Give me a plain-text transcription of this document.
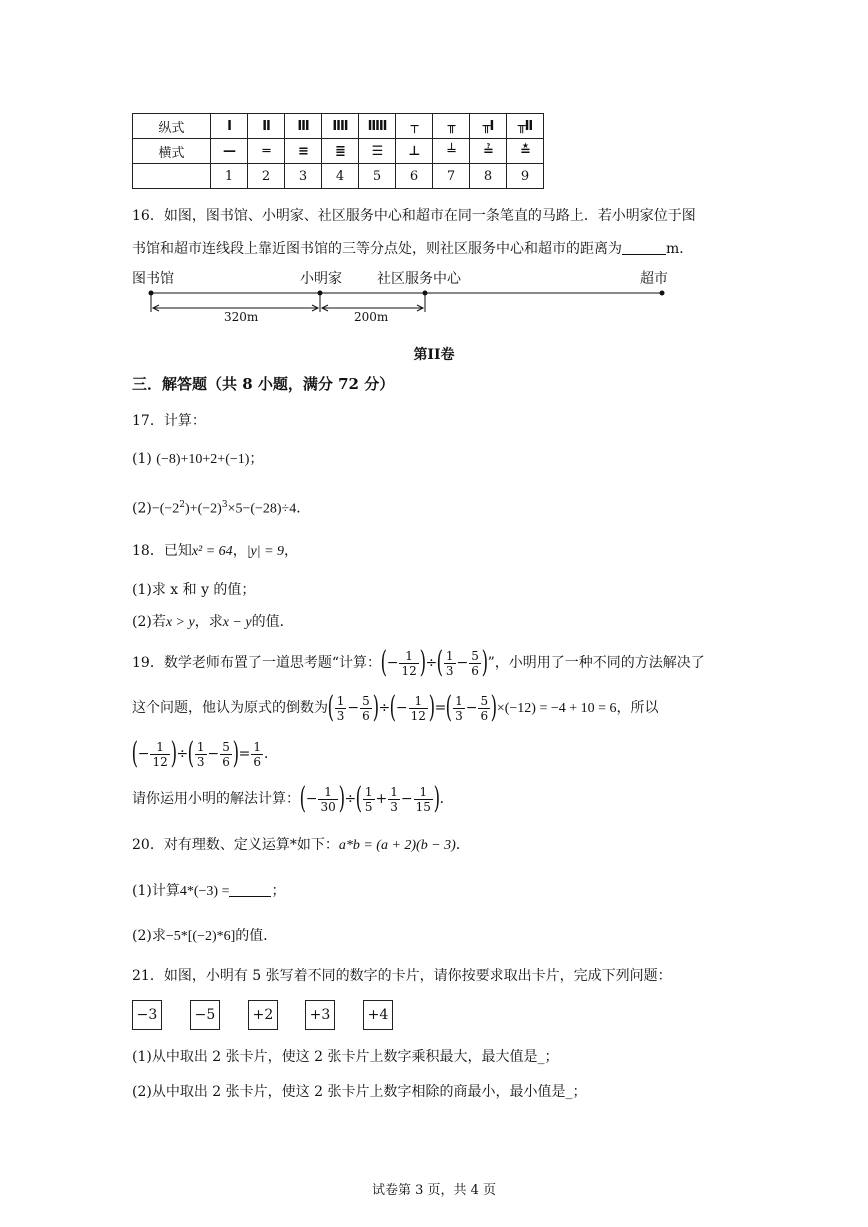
纵式	Ⅰ	Ⅱ	Ⅲ	ⅡⅡ	ⅢⅡ	┬	╥	╥Ⅰ	╥Ⅱ
横式	—	═	≡	≣	☰	⊥	╧	≟	≛
	1	2	3	4	5	6	7	8	9
16．如图，图书馆、小明家、社区服务中心和超市在同一条笔直的马路上．若小明家位于图
书馆和超市连线段上靠近图书馆的三等分点处，则社区服务中心和超市的距离为	m．
图书馆	小明家	社区服务中心	超市
320m	200m
第II卷
三．解答题（共 8 小题，满分 72 分）
17．计算：
(1) (−8)+10+2+(−1)；
$(2)-(-2^2)+(-2)^3\times 5-(-28)\div 4$．
18．已知x² = 64，|y| = 9，
(1)求 x 和 y 的值；
(2)若x > y，求x − y的值．
19．数学老师布置了一道思考题“计算：(− $\frac{1}{12}$ )÷( $\frac{1}{3} - \frac{5}{6}$ )”，小明用了一种不同的方法解决了
这个问题，他认为原式的倒数为( $\frac{1}{3} - \frac{5}{6}$ )÷(− $\frac{1}{12}$ )=( $\frac{1}{3} - \frac{5}{6} )\times(-12) = -4 + 10 = 6$，所以
(− $\frac{1}{12}$ )÷( $\frac{1}{3} - \frac{5}{6}$ )= $\frac{1}{6}$ ．
请你运用小明的解法计算：(− $\frac{1}{30}$ )÷( $\frac{1}{5} + \frac{1}{3} - \frac{1}{15}$ )．
20．对有理数、定义运算*如下：a*b = (a + 2)(b − 3)．
(1)计算4*(−3) =	；
(2)求−5*[(−2)*6]的值．
21．如图，小明有 5 张写着不同的数字的卡片，请你按要求取出卡片，完成下列问题：
−3	−5	+2	+3	+4
(1)从中取出 2 张卡片，使这 2 张卡片上数字乘积最大，最大值是_；
(2)从中取出 2 张卡片，使这 2 张卡片上数字相除的商最小，最小值是_；
试卷第 3 页，共 4 页
